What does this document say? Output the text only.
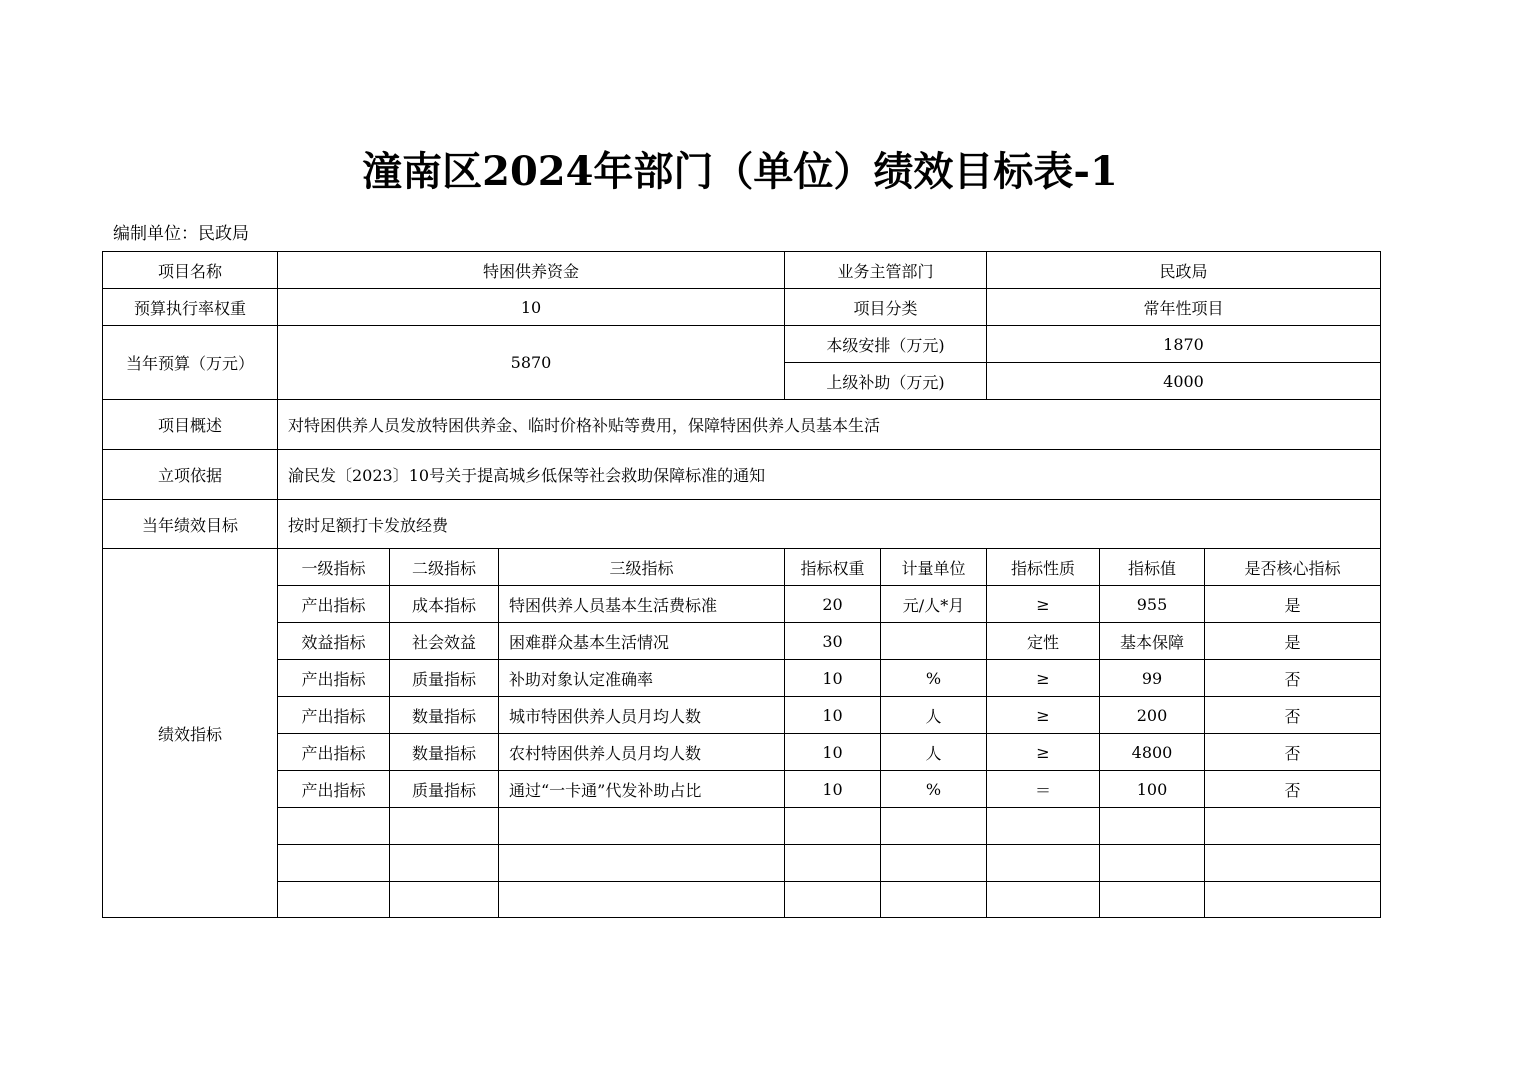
潼南区2024年部门（单位）绩效目标表-1
编制单位：民政局
项目名称	特困供养资金			业务主管部门		民政局		
预算执行率权重	10			项目分类		常年性项目		
当年预算（万元）	5870			本级安排（万元)		1870		
				上级补助（万元)		4000		
项目概述	对特困供养人员发放特困供养金、临时价格补贴等费用，保障特困供养人员基本生活							
立项依据	渝民发〔2023〕10号关于提高城乡低保等社会救助保障标准的通知							
当年绩效目标	按时足额打卡发放经费							
绩效指标	一级指标	二级指标	三级指标	指标权重	计量单位	指标性质	指标值	是否核心指标
	产出指标	成本指标	特困供养人员基本生活费标准	20	元/人*月	≥	955	是
	效益指标	社会效益	困难群众基本生活情况	30		定性	基本保障	是
	产出指标	质量指标	补助对象认定准确率	10	%	≥	99	否
	产出指标	数量指标	城市特困供养人员月均人数	10	人	≥	200	否
	产出指标	数量指标	农村特困供养人员月均人数	10	人	≥	4800	否
	产出指标	质量指标	通过“一卡通”代发补助占比	10	%	＝	100	否
